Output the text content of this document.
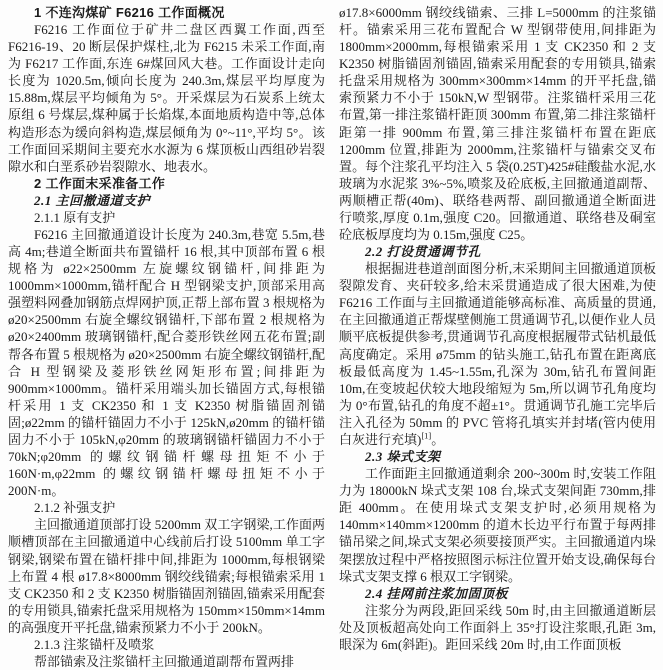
1 不连沟煤矿 F6216 工作面概况
F6216 工作面位于矿井二盘区西翼工作面,西至 F6216-19、20 断层保护煤柱,北为 F6215 未采工作面,南为 F6217 工作面,东连 6#煤回风大巷。工作面设计走向长度为 1020.5m,倾向长度为 240.3m,煤层平均厚度为 15.88m,煤层平均倾角为 5°。开采煤层为石炭系上统太原组 6 号煤层,煤种属于长焰煤,本面地质构造中等,总体构造形态为缓向斜构造,煤层倾角为 0°~11°,平均 5°。该工作面回采期间主要充水水源为 6 煤顶板山西组砂岩裂隙水和白垩系砂岩裂隙水、地表水。
2 工作面末采准备工作
2.1 主回撤通道支护
2.1.1 原有支护
F6216 主回撤通道设计长度为 240.3m,巷宽 5.5m,巷高 4m;巷道全断面共布置锚杆 16 根,其中顶部布置 6 根规格为 ø22×2500mm 左旋螺纹钢锚杆,间排距为 1000mm×1000mm,锚杆配合 H 型钢梁支护,顶部采用高强塑料网叠加钢筋点焊网护顶,正帮上部布置 3 根规格为 ø20×2500mm 右旋全螺纹钢锚杆,下部布置 2 根规格为 ø20×2400mm 玻璃钢锚杆,配合菱形铁丝网五花布置;副帮各布置 5 根规格为 ø20×2500mm 右旋全螺纹钢锚杆,配合 H 型钢梁及菱形铁丝网矩形布置;间排距为 900mm×1000mm。锚杆采用端头加长锚固方式,每根锚杆采用 1 支 CK2350 和 1 支 K2350 树脂锚固剂锚固;ø22mm 的锚杆锚固力不小于 125kN,ø20mm 的锚杆锚固力不小于 105kN,φ20mm 的玻璃钢锚杆锚固力不小于 70kN;φ20mm 的螺纹钢锚杆螺母扭矩不小于 160N·m,φ22mm 的螺纹钢锚杆螺母扭矩不小于 200N·m。
2.1.2 补强支护
主回撤通道顶部打设 5200mm 双工字钢梁,工作面两顺槽顶部在主回撤通道中心线前后打设 5100mm 单工字钢梁,钢梁布置在锚杆排中间,排距为 1000mm,每根钢梁上布置 4 根 ø17.8×8000mm 钢绞线锚索;每根锚索采用 1 支 CK2350 和 2 支 K2350 树脂锚固剂锚固,锚索采用配套的专用锁具,锚索托盘采用规格为 150mm×150mm×14mm 的高强度开平托盘,锚索预紧力不小于 200kN。
2.1.3 注浆锚杆及喷浆
帮部锚索及注浆锚杆主回撤通道副帮布置两排
ø17.8×6000mm 钢绞线锚索、三排 L=5000mm 的注浆锚杆。锚索采用三花布置配合 W 型钢带使用,间排距为 1800mm×2000mm,每根锚索采用 1 支 CK2350 和 2 支 K2350 树脂锚固剂锚固,锚索采用配套的专用锁具,锚索托盘采用规格为 300mm×300mm×14mm 的开平托盘,锚索预紧力不小于 150kN,W 型钢带。注浆锚杆采用三花布置,第一排注浆锚杆距顶 300mm 布置,第二排注浆锚杆距第一排 900mm 布置,第三排注浆锚杆布置在距底 1200mm 位置,排距为 2000mm,注浆锚杆与锚索交叉布置。每个注浆孔平均注入 5 袋(0.25T)425#硅酸盐水泥,水玻璃为水泥浆 3%~5%,喷浆及砼底板,主回撤通道副帮、两顺槽正帮(40m)、联络巷两帮、副回撤通道全断面进行喷浆,厚度 0.1m,强度 C20。回撤通道、联络巷及硐室砼底板厚度均为 0.15m,强度 C25。
2.2 打设贯通调节孔
根据掘进巷道剖面图分析,末采期间主回撤通道顶板裂隙发育、夹矸较多,给末采贯通造成了很大困难,为使 F6216 工作面与主回撤通道能够高标准、高质量的贯通,在主回撤通道正帮煤壁侧施工贯通调节孔,以便作业人员顺平底板提供参考,贯通调节孔高度根据履带式钻机最低高度确定。采用 ø75mm 的钻头施工,钻孔布置在距离底板最低高度为 1.45~1.55m,孔深为 30m,钻孔布置间距 10m,在变坡起伏较大地段缩短为 5m,所以调节孔角度均为 0°布置,钻孔的角度不超±1°。贯通调节孔施工完毕后注入孔径为 50mm 的 PVC 管将孔填实并封堵(管内使用白灰进行充填)[1]。
2.3 垛式支架
工作面距主回撤通道剩余 200~300m 时,安装工作阻力为 18000kN 垛式支架 108 台,垛式支架间距 730mm,排距 400mm。在使用垛式支架支护时,必须用规格为 140mm×140mm×1200mm 的道木长边平行布置于每两排锚吊梁之间,垛式支架必须要接顶严实。主回撤通道内垛架摆放过程中严格按照图示标注位置开始支设,确保每台垛式支架支撑 6 根双工字钢梁。
2.4 挂网前注浆加固顶板
注浆分为两段,距回采线 50m 时,由主回撤通道断层处及顶板超高处向工作面斜上 35°打设注浆眼,孔距 3m,眼深为 6m(斜距)。距回采线 20m 时,由工作面顶板
